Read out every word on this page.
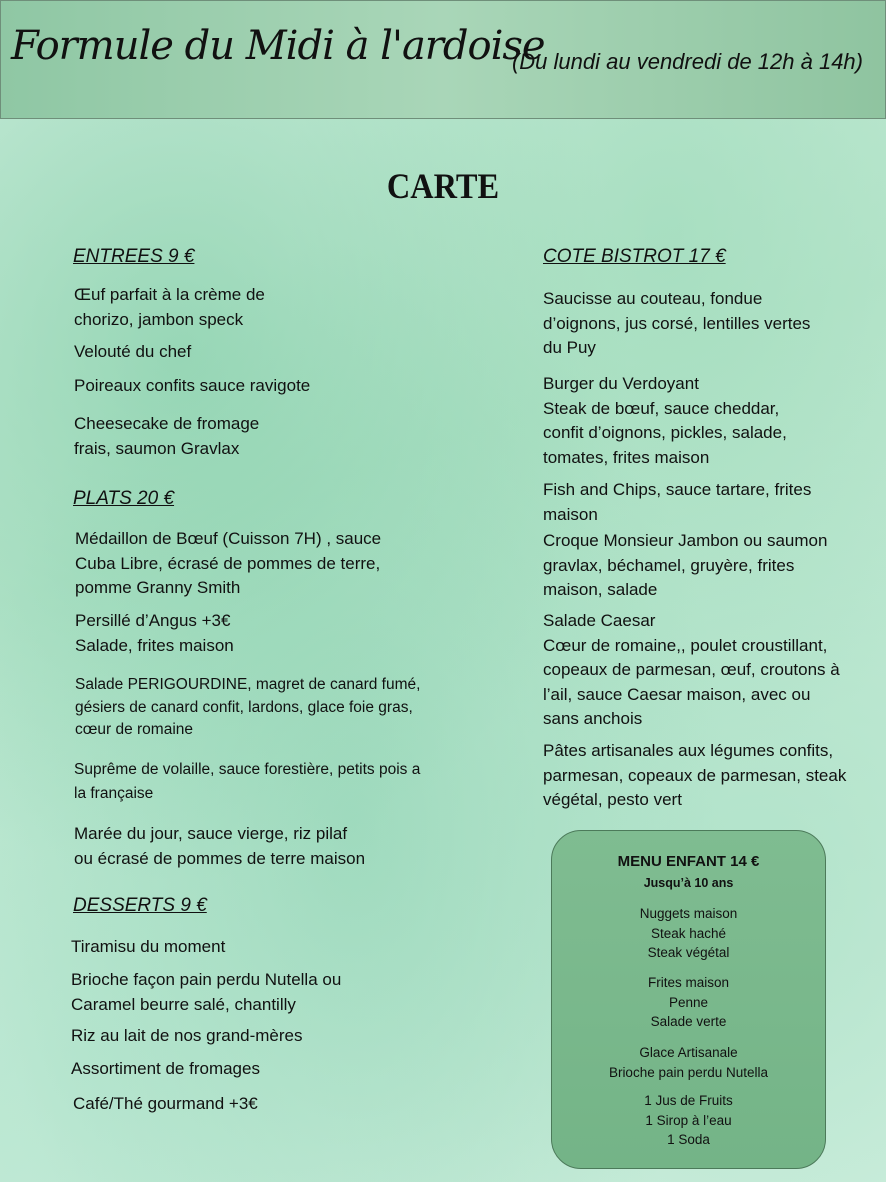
Formule du Midi à l'ardoise
(Du lundi au vendredi de 12h à 14h)
CARTE
ENTREES 9 €
Œuf parfait à la crème de
chorizo, jambon speck
Velouté du chef
Poireaux confits sauce ravigote
Cheesecake de fromage
frais, saumon Gravlax
PLATS 20 €
Médaillon de Bœuf (Cuisson 7H) , sauce
Cuba Libre, écrasé de pommes de terre,
pomme Granny Smith
Persillé d’Angus +3€
Salade, frites maison
Salade PERIGOURDINE, magret de canard fumé,
gésiers de canard confit, lardons, glace foie gras,
cœur de romaine
Suprême de volaille, sauce forestière, petits pois a
la française
Marée du jour, sauce vierge, riz pilaf
ou écrasé de pommes de terre maison
DESSERTS 9 €
Tiramisu du moment
Brioche façon pain perdu Nutella ou
Caramel beurre salé, chantilly
Riz au lait de nos grand-mères
Assortiment de fromages
Café/Thé gourmand +3€
COTE BISTROT 17 €
Saucisse au couteau, fondue
d’oignons, jus corsé, lentilles vertes
du Puy
Burger du Verdoyant
Steak de bœuf, sauce cheddar,
confit d’oignons, pickles, salade,
tomates, frites maison
Fish and Chips, sauce tartare, frites
maison
Croque Monsieur Jambon ou saumon
gravlax, béchamel, gruyère, frites
maison, salade
Salade Caesar
Cœur de romaine,, poulet croustillant,
copeaux de parmesan, œuf, croutons à
l’ail, sauce Caesar maison, avec ou
sans anchois
Pâtes artisanales aux légumes confits,
parmesan, copeaux de parmesan, steak
végétal, pesto vert
MENU ENFANT 14 €
Jusqu’à 10 ans
Nuggets maison
Steak haché
Steak végétal
Frites maison
Penne
Salade verte
Glace Artisanale
Brioche pain perdu Nutella
1 Jus de Fruits
1 Sirop à l’eau
1 Soda
